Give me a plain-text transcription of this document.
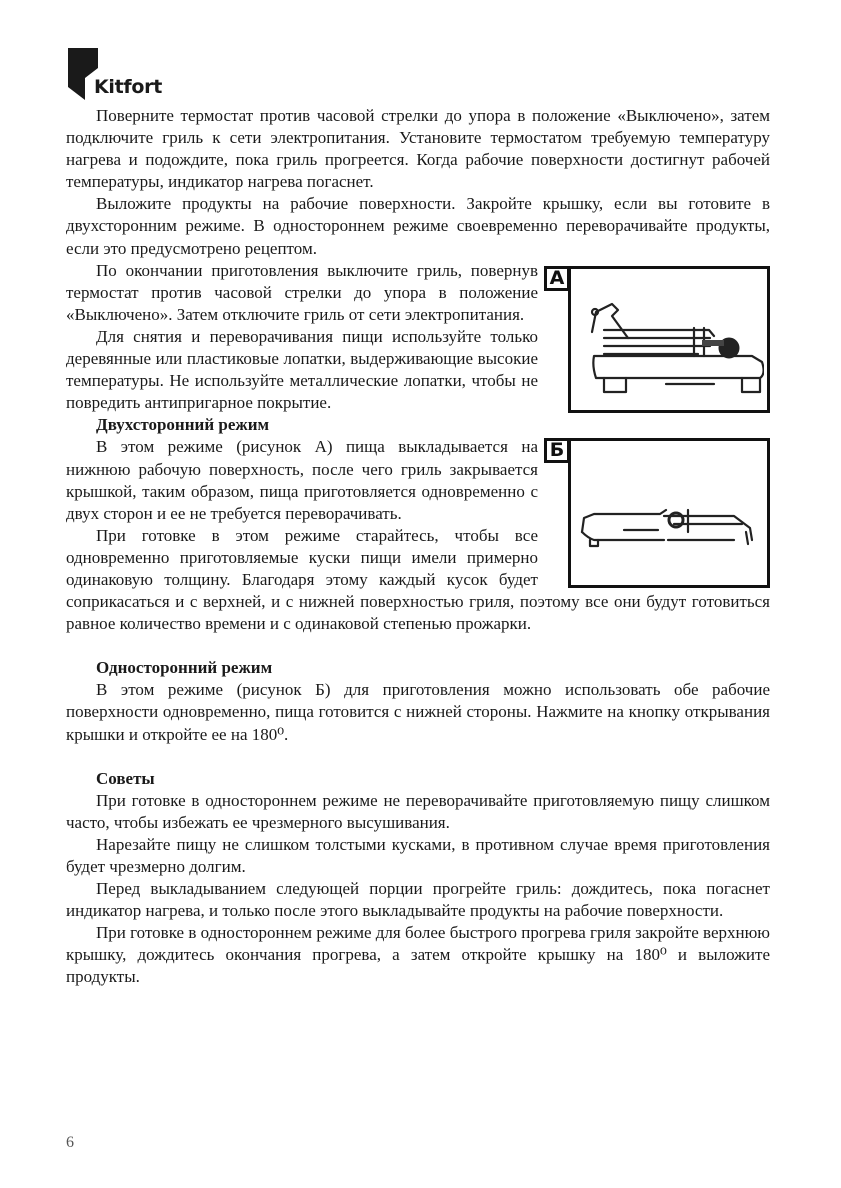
Kitfort

Поверните термостат против часовой стрелки до упора в положение «Выключено», затем подключите гриль к сети электропитания. Установите термостатом требуемую температуру нагрева и подождите, пока гриль прогреется. Когда рабочие поверхности достигнут рабочей температуры, индикатор нагрева погаснет.

Выложите продукты на рабочие поверхности. Закройте крышку, если вы готовите в двухсторонним режиме. В одностороннем режиме своевременно переворачивайте продукты, если это предусмотрено рецептом.

А

По окончании приготовления выключите гриль, повернув термостат против часовой стрелки до упора в положение «Выключено». Затем отключите гриль от сети электропитания.

Для снятия и переворачивания пищи используйте только деревянные или пластиковые лопатки, выдерживающие высокие температуры. Не используйте металлические лопатки, чтобы не повредить антипригарное покрытие.

Двухсторонний режим
Б

В этом режиме (рисунок А) пища выкладывается на нижнюю рабочую поверхность, после чего гриль закрывается крышкой, таким образом, пища приготовляется одновременно с двух сторон и ее не требуется переворачивать.

При готовке в этом режиме старайтесь, чтобы все одновременно приготовляемые куски пищи имели примерно одинаковую толщину. Благодаря этому каждый кусок будет соприкасаться и с верхней, и с нижней поверхностью гриля, поэтому все они будут готовиться равное количество времени и с одинаковой степенью прожарки.

Односторонний режим

В этом режиме (рисунок Б) для приготовления можно использовать обе рабочие поверхности одновременно, пища готовится с нижней стороны. Нажмите на кнопку открывания крышки и откройте ее на 180⁰.

Советы

При готовке в одностороннем режиме не переворачивайте приготовляемую пищу слишком часто, чтобы избежать ее чрезмерного высушивания.

Нарезайте пищу не слишком толстыми кусками, в противном случае время приготовления будет чрезмерно долгим.

Перед выкладыванием следующей порции прогрейте гриль: дождитесь, пока погаснет индикатор нагрева, и только после этого выкладывайте продукты на рабочие поверхности.

При готовке в одностороннем режиме для более быстрого прогрева гриля закройте верхнюю крышку, дождитесь окончания прогрева, а затем откройте крышку на 180⁰ и выложите продукты.

6
